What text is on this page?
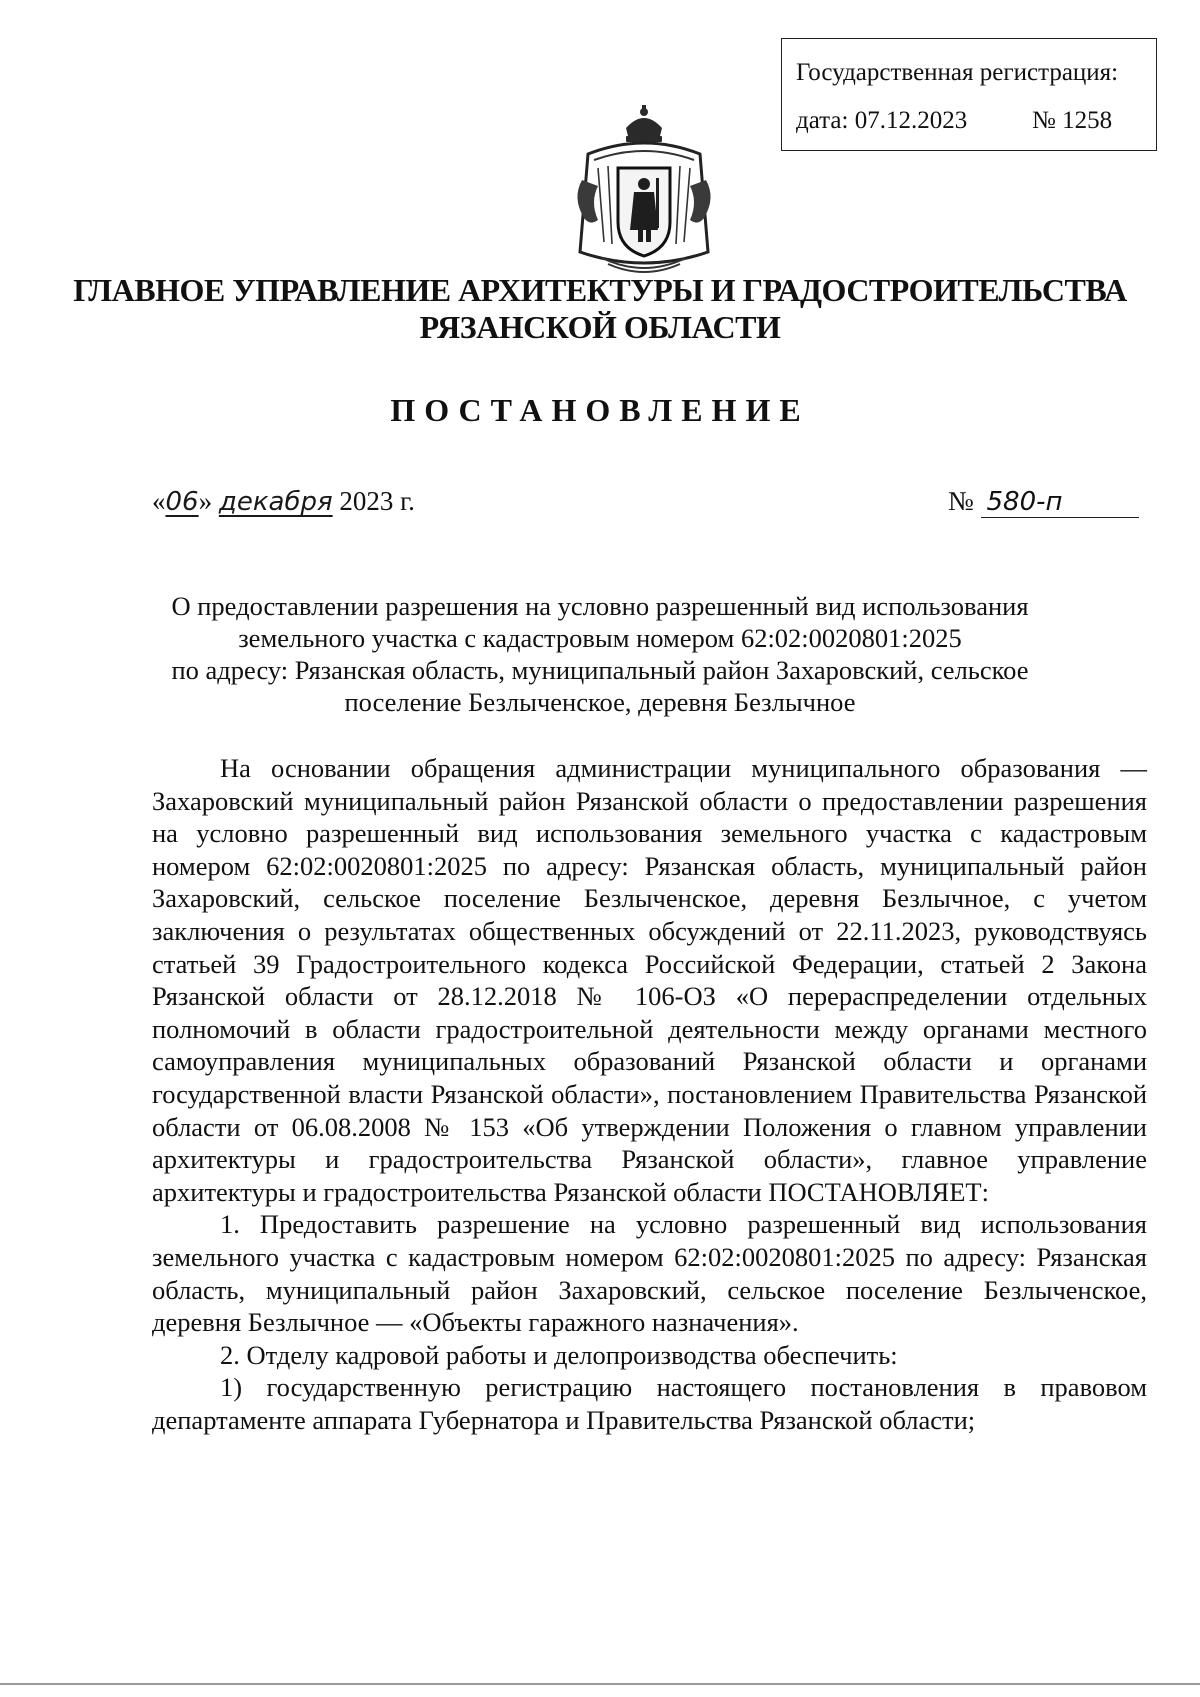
Государственная регистрация:
дата: 07.12.2023	№ 1258
ГЛАВНОЕ УПРАВЛЕНИЕ АРХИТЕКТУРЫ И ГРАДОСТРОИТЕЛЬСТВА
РЯЗАНСКОЙ ОБЛАСТИ
ПОСТАНОВЛЕНИЕ
«06» декабря 2023 г.	№ 580-п
О предоставлении разрешения на условно разрешенный вид использования
земельного участка с кадастровым номером 62:02:0020801:2025
по адресу: Рязанская область, муниципальный район Захаровский, сельское
поселение Безлыченское, деревня Безлычное

На основании обращения администрации муниципального образования — Захаровский муниципальный район Рязанской области о предоставлении разрешения на условно разрешенный вид использования земельного участка с кадастровым номером 62:02:0020801:2025 по адресу: Рязанская область, муниципальный район Захаровский, сельское поселение Безлыченское, деревня Безлычное, с учетом заключения о результатах общественных обсуждений от 22.11.2023, руководствуясь статьей 39 Градостроительного кодекса Российской Федерации, статьей 2 Закона Рязанской области от 28.12.2018 № 106-ОЗ «О перераспределении отдельных полномочий в области градостроительной деятельности между органами местного самоуправления муниципальных образований Рязанской области и органами государственной власти Рязанской области», постановлением Правительства Рязанской области от 06.08.2008 № 153 «Об утверждении Положения о главном управлении архитектуры и градостроительства Рязанской области», главное управление архитектуры и градостроительства Рязанской области ПОСТАНОВЛЯЕТ:

1. Предоставить разрешение на условно разрешенный вид использования земельного участка с кадастровым номером 62:02:0020801:2025 по адресу: Рязанская область, муниципальный район Захаровский, сельское поселение Безлыченское, деревня Безлычное — «Объекты гаражного назначения».

2. Отделу кадровой работы и делопроизводства обеспечить:

1) государственную регистрацию настоящего постановления в правовом департаменте аппарата Губернатора и Правительства Рязанской области;
